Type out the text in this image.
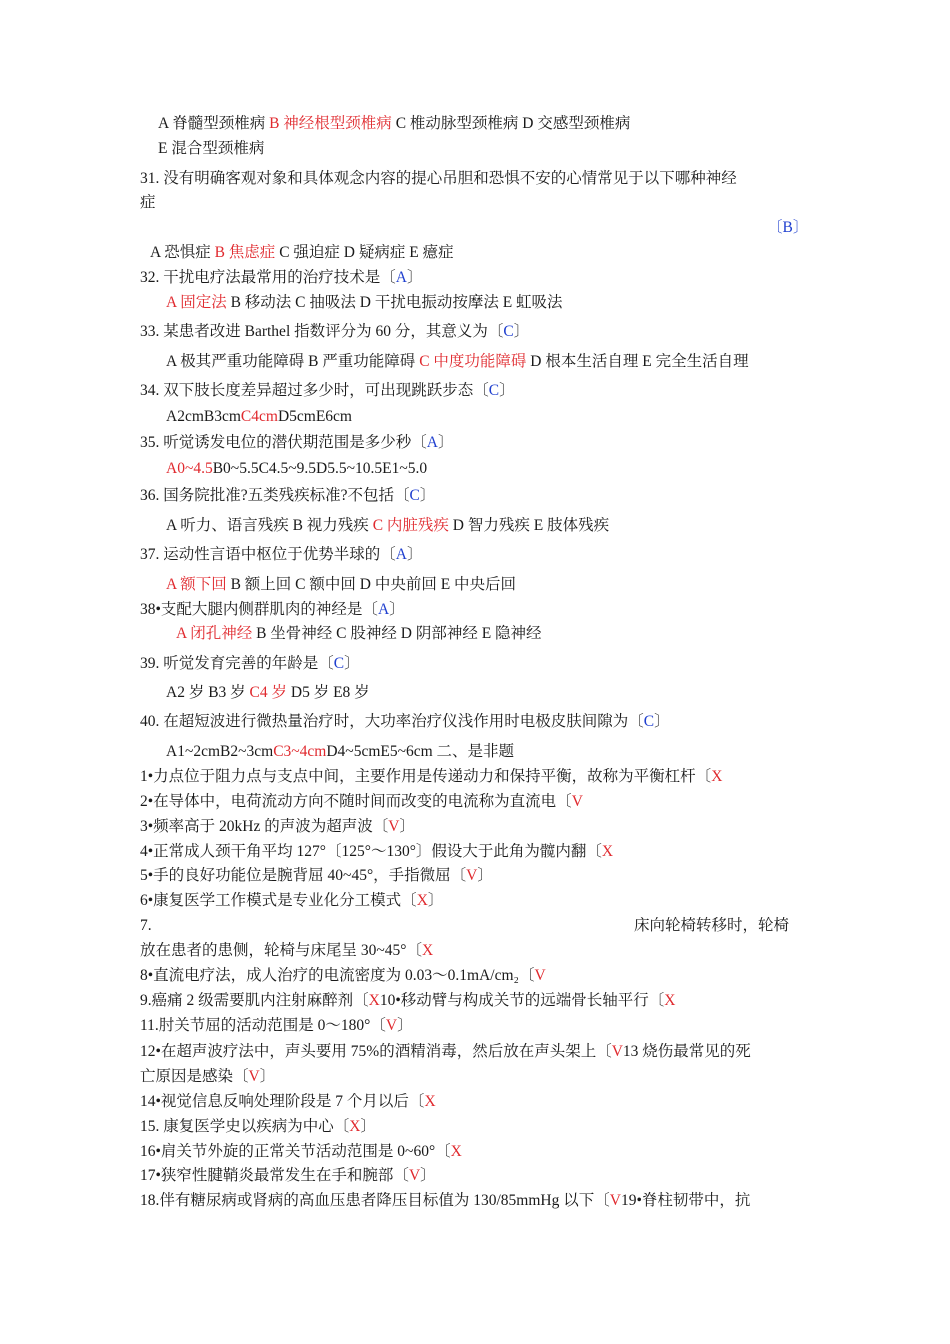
A 脊髓型颈椎病 B 神经根型颈椎病 C 椎动脉型颈椎病 D 交感型颈椎病
E 混合型颈椎病
31. 没有明确客观对象和具体观念内容的提心吊胆和恐惧不安的心情常见于以下哪种神经
症
〔B〕
A 恐惧症 B 焦虑症 C 强迫症 D 疑病症 E 癔症
32. 干扰电疗法最常用的治疗技术是〔A〕
A 固定法 B 移动法 C 抽吸法 D 干扰电振动按摩法 E 虹吸法
33. 某患者改进 Barthel 指数评分为 60 分，其意义为〔C〕
A 极其严重功能障碍 B 严重功能障碍 C 中度功能障碍 D 根本生活自理 E 完全生活自理
34. 双下肢长度差异超过多少时，可出现跳跃步态〔C〕
A2cmB3cmC4cmD5cmE6cm
35. 听觉诱发电位的潜伏期范围是多少秒〔A〕
A0~4.5B0~5.5C4.5~9.5D5.5~10.5E1~5.0
36. 国务院批准?五类残疾标准?不包括〔C〕
A 听力、语言残疾 B 视力残疾 C 内脏残疾 D 智力残疾 E 肢体残疾
37. 运动性言语中枢位于优势半球的〔A〕
A 额下回 B 额上回 C 额中回 D 中央前回 E 中央后回
38•支配大腿内侧群肌肉的神经是〔A〕
A 闭孔神经 B 坐骨神经 C 股神经 D 阴部神经 E 隐神经
39. 听觉发育完善的年龄是〔C〕
A2 岁 B3 岁 C4 岁 D5 岁 E8 岁
40. 在超短波进行微热量治疗时，大功率治疗仪浅作用时电极皮肤间隙为〔C〕
A1~2cmB2~3cmC3~4cmD4~5cmE5~6cm 二、是非题
1•力点位于阻力点与支点中间，主要作用是传递动力和保持平衡，故称为平衡杠杆〔X
2•在导体中，电荷流动方向不随时间而改变的电流称为直流电〔V
3•频率高于 20kHz 的声波为超声波〔V〕
4•正常成人颈干角平均 127°〔125°〜130°〕假设大于此角为髋内翻〔X
5•手的良好功能位是腕背屈 40~45°，手指微屈〔V〕
6•康复医学工作模式是专业化分工模式〔X〕
7.	床向轮椅转移时，轮椅
放在患者的患侧，轮椅与床尾呈 30~45°〔X
8•直流电疗法，成人治疗的电流密度为 0.03〜0.1mA/cm₂〔V
9.癌痛 2 级需要肌内注射麻醉剂〔X10•移动臂与构成关节的远端骨长轴平行〔X
11.肘关节屈的活动范围是 0〜180°〔V〕
12•在超声波疗法中，声头要用 75%的酒精消毒，然后放在声头架上〔V13 烧伤最常见的死
亡原因是感染〔V〕
14•视觉信息反响处理阶段是 7 个月以后〔X
15. 康复医学史以疾病为中心〔X〕
16•肩关节外旋的正常关节活动范围是 0~60°〔X
17•狭窄性腱鞘炎最常发生在手和腕部〔V〕
18.伴有糖尿病或肾病的高血压患者降压目标值为 130/85mmHg 以下〔V19•脊柱韧带中，抗
